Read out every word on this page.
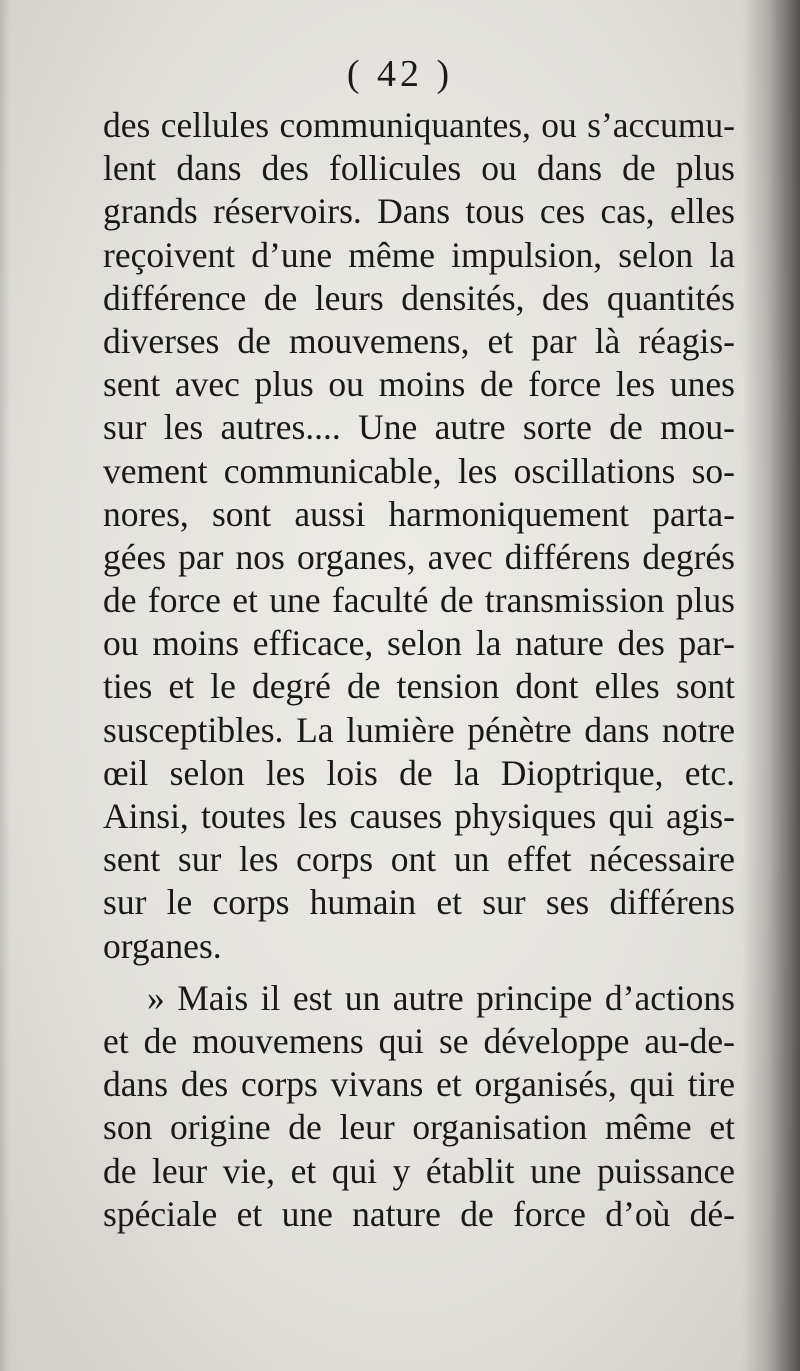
( 42 )
des cellules communiquantes, ou s’accumu-
lent dans des follicules ou dans de plus
grands réservoirs. Dans tous ces cas, elles
reçoivent d’une même impulsion, selon la
différence de leurs densités, des quantités
diverses de mouvemens, et par là réagis-
sent avec plus ou moins de force les unes
sur les autres.... Une autre sorte de mou-
vement communicable, les oscillations so-
nores, sont aussi harmoniquement parta-
gées par nos organes, avec différens degrés
de force et une faculté de transmission plus
ou moins efficace, selon la nature des par-
ties et le degré de tension dont elles sont
susceptibles. La lumière pénètre dans notre
œil selon les lois de la Dioptrique, etc.
Ainsi, toutes les causes physiques qui agis-
sent sur les corps ont un effet nécessaire
sur le corps humain et sur ses différens
organes.
» Mais il est un autre principe d’actions
et de mouvemens qui se développe au-de-
dans des corps vivans et organisés, qui tire
son origine de leur organisation même et
de leur vie, et qui y établit une puissance
spéciale et une nature de force d’où dé-
